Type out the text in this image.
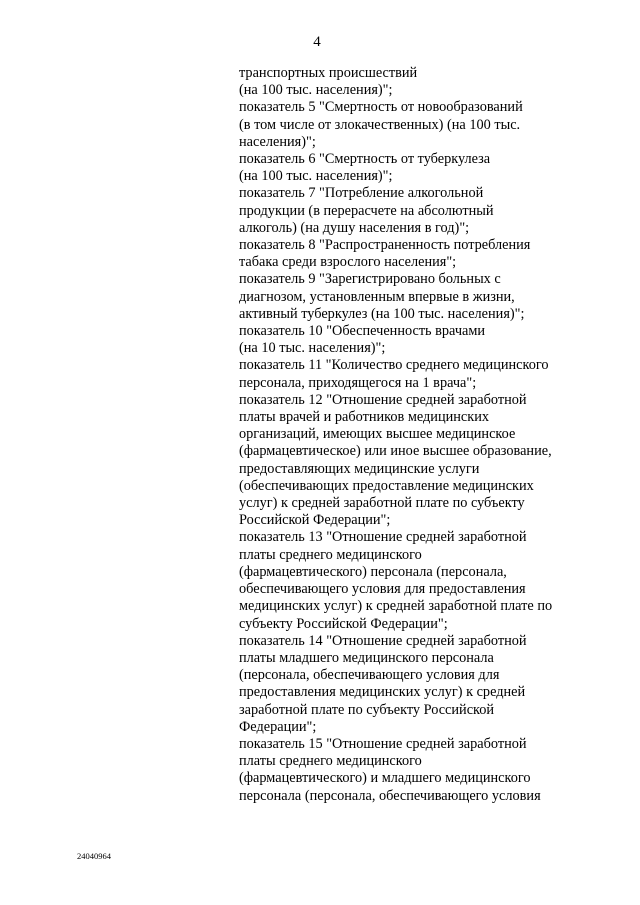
4
транспортных происшествий
(на 100 тыс. населения)";
показатель 5 "Смертность от новообразований
(в том числе от злокачественных) (на 100 тыс.
населения)";
показатель 6 "Смертность от туберкулеза
(на 100 тыс. населения)";
показатель 7 "Потребление алкогольной
продукции (в перерасчете на абсолютный
алкоголь) (на душу населения в год)";
показатель 8 "Распространенность потребления
табака среди взрослого населения";
показатель 9 "Зарегистрировано больных с
диагнозом, установленным впервые в жизни,
активный туберкулез (на 100 тыс. населения)";
показатель 10 "Обеспеченность врачами
(на 10 тыс. населения)";
показатель 11 "Количество среднего медицинского
персонала, приходящегося на 1 врача";
показатель 12 "Отношение средней заработной
платы врачей и работников медицинских
организаций, имеющих высшее медицинское
(фармацевтическое) или иное высшее образование,
предоставляющих медицинские услуги
(обеспечивающих предоставление медицинских
услуг) к средней заработной плате по субъекту
Российской Федерации";
показатель 13 "Отношение средней заработной
платы среднего медицинского
(фармацевтического) персонала (персонала,
обеспечивающего условия для предоставления
медицинских услуг) к средней заработной плате по
субъекту Российской Федерации";
показатель 14 "Отношение средней заработной
платы младшего медицинского персонала
(персонала, обеспечивающего условия для
предоставления медицинских услуг) к средней
заработной плате по субъекту Российской
Федерации";
показатель 15 "Отношение средней заработной
платы среднего медицинского
(фармацевтического) и младшего медицинского
персонала (персонала, обеспечивающего условия
24040964
